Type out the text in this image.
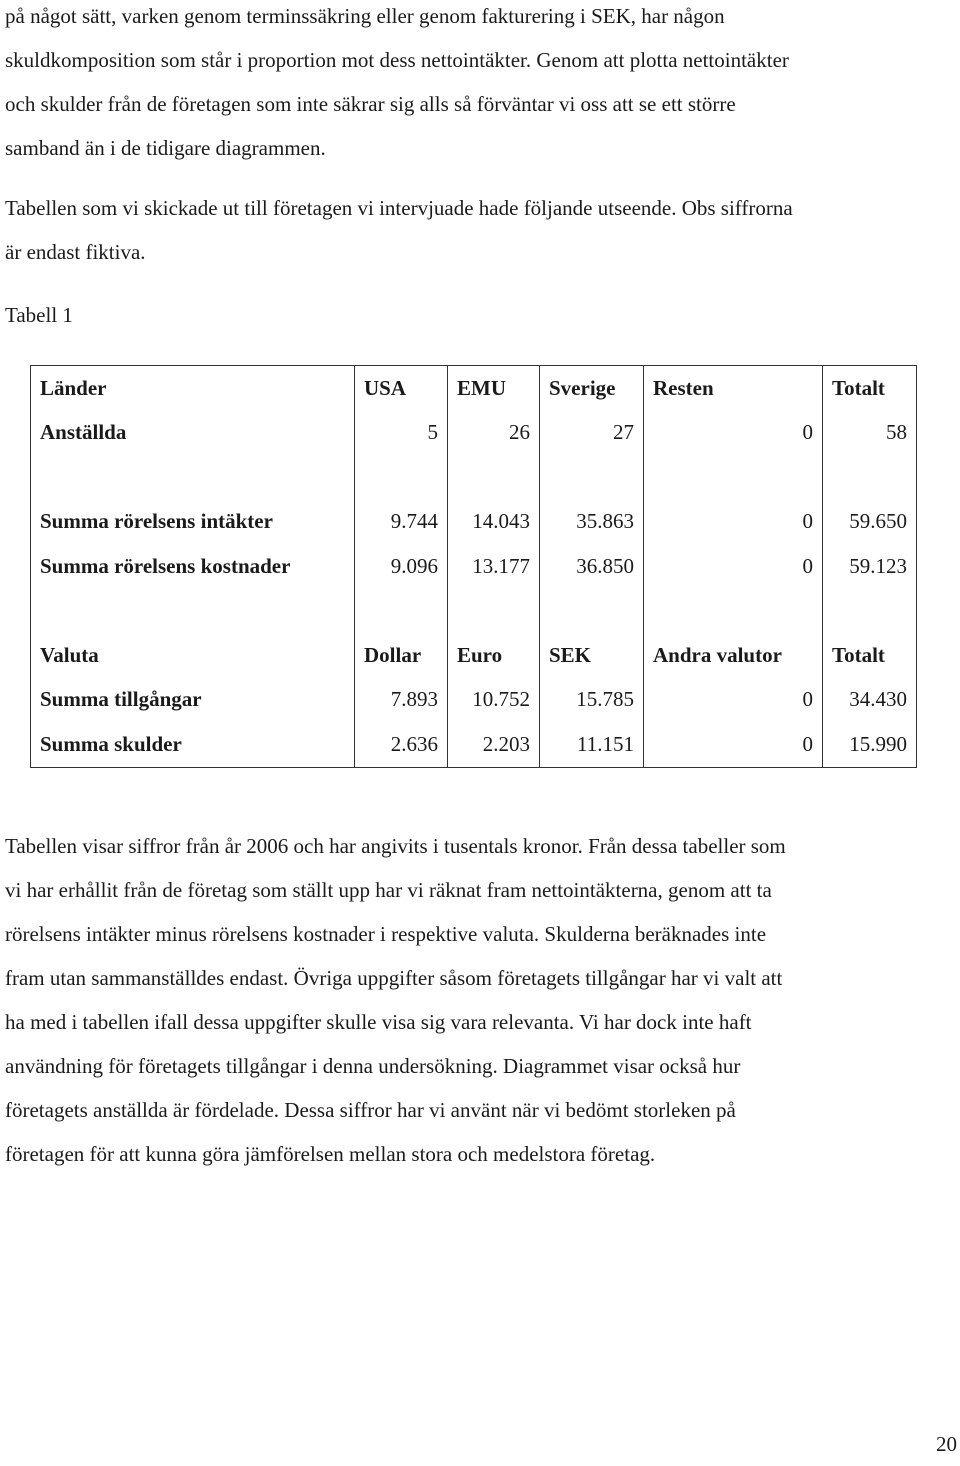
på något sätt, varken genom terminssäkring eller genom fakturering i SEK, har någon
skuldkomposition som står i proportion mot dess nettointäkter. Genom att plotta nettointäkter
och skulder från de företagen som inte säkrar sig alls så förväntar vi oss att se ett större
samband än i de tidigare diagrammen.

Tabellen som vi skickade ut till företagen vi intervjuade hade följande utseende. Obs siffrorna
är endast fiktiva.

Tabell 1
Länder	USA	EMU	Sverige	Resten	Totalt
Anställda	5	26	27	0	58

Summa rörelsens intäkter	9.744	14.043	35.863	0	59.650
Summa rörelsens kostnader	9.096	13.177	36.850	0	59.123

Valuta	Dollar	Euro	SEK	Andra valutor	Totalt
Summa tillgångar	7.893	10.752	15.785	0	34.430
Summa skulder	2.636	2.203	11.151	0	15.990

Tabellen visar siffror från år 2006 och har angivits i tusentals kronor. Från dessa tabeller som
vi har erhållit från de företag som ställt upp har vi räknat fram nettointäkterna, genom att ta
rörelsens intäkter minus rörelsens kostnader i respektive valuta. Skulderna beräknades inte
fram utan sammanställdes endast. Övriga uppgifter såsom företagets tillgångar har vi valt att
ha med i tabellen ifall dessa uppgifter skulle visa sig vara relevanta. Vi har dock inte haft
användning för företagets tillgångar i denna undersökning. Diagrammet visar också hur
företagets anställda är fördelade. Dessa siffror har vi använt när vi bedömt storleken på
företagen för att kunna göra jämförelsen mellan stora och medelstora företag.

20
